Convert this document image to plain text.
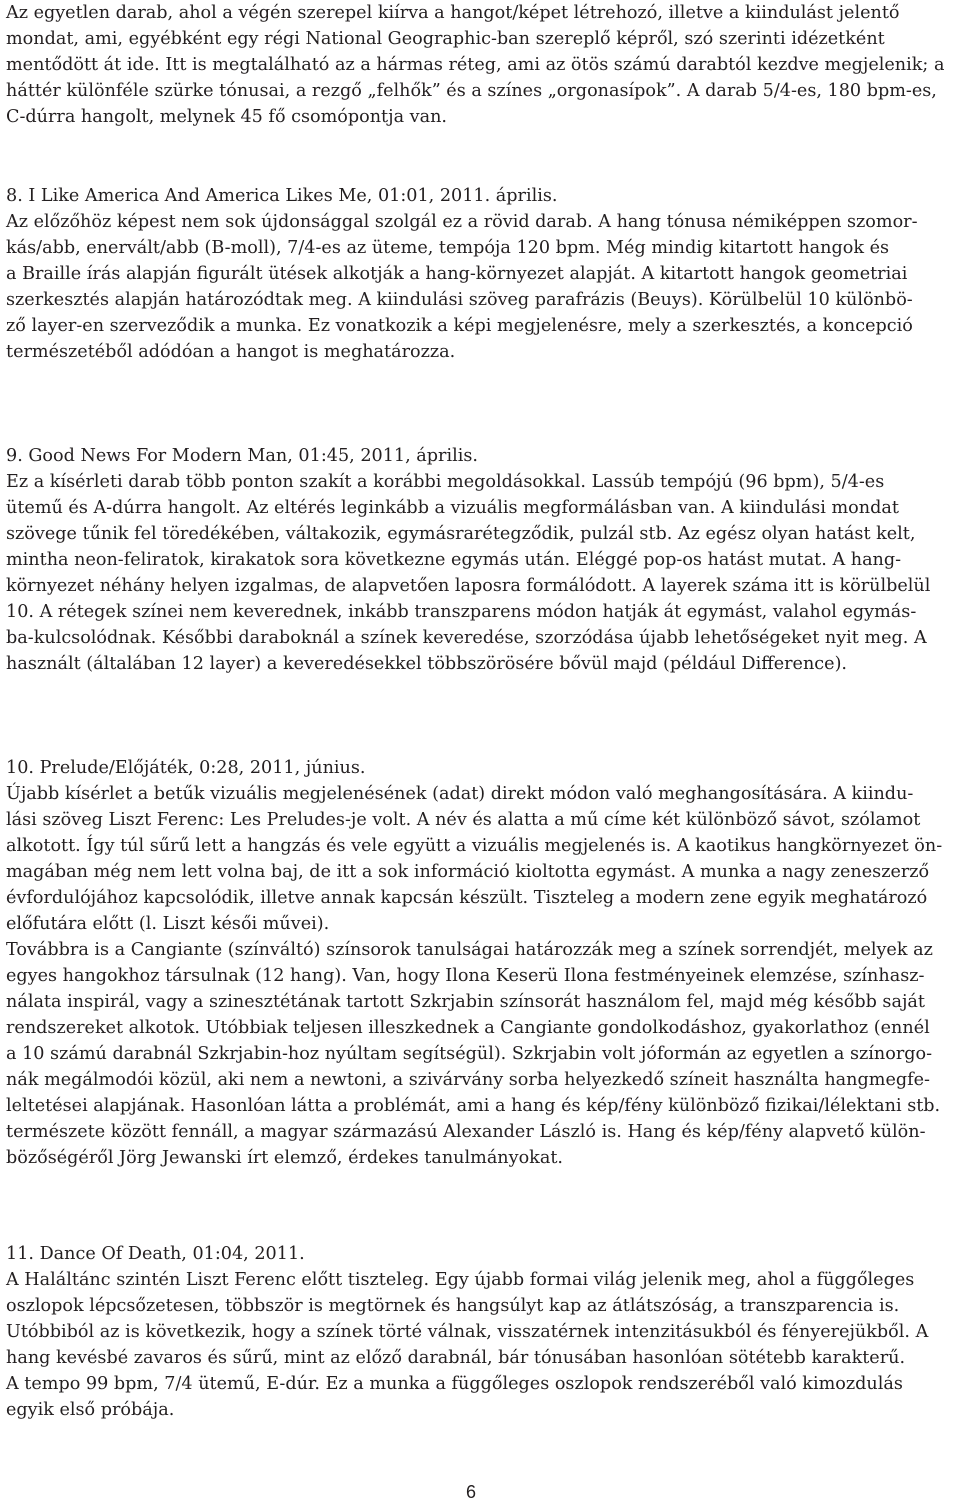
Az egyetlen darab, ahol a végén szerepel kiírva a hangot/képet létrehozó, illetve a kiindulást jelentő
mondat, ami, egyébként egy régi National Geographic-ban szereplő képről, szó szerinti idézetként
mentődött át ide. Itt is megtalálható az a hármas réteg, ami az ötös számú darabtól kezdve megjelenik; a
háttér különféle szürke tónusai, a rezgő „felhők” és a színes „orgonasípok”. A darab 5/4-es, 180 bpm-es,
C-dúrra hangolt, melynek 45 fő csomópontja van.
8. I Like America And America Likes Me, 01:01, 2011. április.
Az előzőhöz képest nem sok újdonsággal szolgál ez a rövid darab. A hang tónusa némiképpen szomor-
kás/abb, enervált/abb (B-moll), 7/4-es az üteme, tempója 120 bpm. Még mindig kitartott hangok és
a Braille írás alapján figurált ütések alkotják a hang-környezet alapját. A kitartott hangok geometriai
szerkesztés alapján határozódtak meg. A kiindulási szöveg parafrázis (Beuys). Körülbelül 10 különbö-
ző layer-en szerveződik a munka. Ez vonatkozik a képi megjelenésre, mely a szerkesztés, a koncepció
természetéből adódóan a hangot is meghatározza.
9. Good News For Modern Man, 01:45, 2011, április.
Ez a kísérleti darab több ponton szakít a korábbi megoldásokkal. Lassúb tempójú (96 bpm), 5/4-es
ütemű és A-dúrra hangolt. Az eltérés leginkább a vizuális megformálásban van. A kiindulási mondat
szövege tűnik fel töredékében, váltakozik, egymásrarétegződik, pulzál stb. Az egész olyan hatást kelt,
mintha neon-feliratok, kirakatok sora következne egymás után. Eléggé pop-os hatást mutat. A hang-
környezet néhány helyen izgalmas, de alapvetően laposra formálódott. A layerek száma itt is körülbelül
10. A rétegek színei nem keverednek, inkább transzparens módon hatják át egymást, valahol egymás-
ba-kulcsolódnak. Későbbi daraboknál a színek keveredése, szorzódása újabb lehetőségeket nyit meg. A
használt (általában 12 layer) a keveredésekkel többszörösére bővül majd (például Difference).
10. Prelude/Előjáték, 0:28, 2011, június.
Újabb kísérlet a betűk vizuális megjelenésének (adat) direkt módon való meghangosítására. A kiindu-
lási szöveg Liszt Ferenc: Les Preludes-je volt. A név és alatta a mű címe két különböző sávot, szólamot
alkotott. Így túl sűrű lett a hangzás és vele együtt a vizuális megjelenés is. A kaotikus hangkörnyezet ön-
magában még nem lett volna baj, de itt a sok információ kioltotta egymást. A munka a nagy zeneszerző
évfordulójához kapcsolódik, illetve annak kapcsán készült. Tiszteleg a modern zene egyik meghatározó
előfutára előtt (l. Liszt késői művei).
Továbbra is a Cangiante (színváltó) színsorok tanulságai határozzák meg a színek sorrendjét, melyek az
egyes hangokhoz társulnak (12 hang). Van, hogy Ilona Keserü Ilona festményeinek elemzése, színhasz-
nálata inspirál, vagy a szinesztétának tartott Szkrjabin színsorát használom fel, majd még később saját
rendszereket alkotok. Utóbbiak teljesen illeszkednek a Cangiante gondolkodáshoz, gyakorlathoz (ennél
a 10 számú darabnál Szkrjabin-hoz nyúltam segítségül). Szkrjabin volt jóformán az egyetlen a színorgo-
nák megálmodói közül, aki nem a newtoni, a szivárvány sorba helyezkedő színeit használta hangmegfe-
leltetései alapjának. Hasonlóan látta a problémát, ami a hang és kép/fény különböző fizikai/lélektani stb.
természete között fennáll, a magyar származású Alexander László is. Hang és kép/fény alapvető külön-
bözőségéről Jörg Jewanski írt elemző, érdekes tanulmányokat.
11. Dance Of Death, 01:04, 2011.
A Haláltánc szintén Liszt Ferenc előtt tiszteleg. Egy újabb formai világ jelenik meg, ahol a függőleges
oszlopok lépcsőzetesen, többször is megtörnek és hangsúlyt kap az átlátszóság, a transzparencia is.
Utóbbiból az is következik, hogy a színek törté válnak, visszatérnek intenzitásukból és fényerejükből. A
hang kevésbé zavaros és sűrű, mint az előző darabnál, bár tónusában hasonlóan sötétebb karakterű.
A tempo 99 bpm, 7/4 ütemű, E-dúr. Ez a munka a függőleges oszlopok rendszeréből való kimozdulás
egyik első próbája.
6
